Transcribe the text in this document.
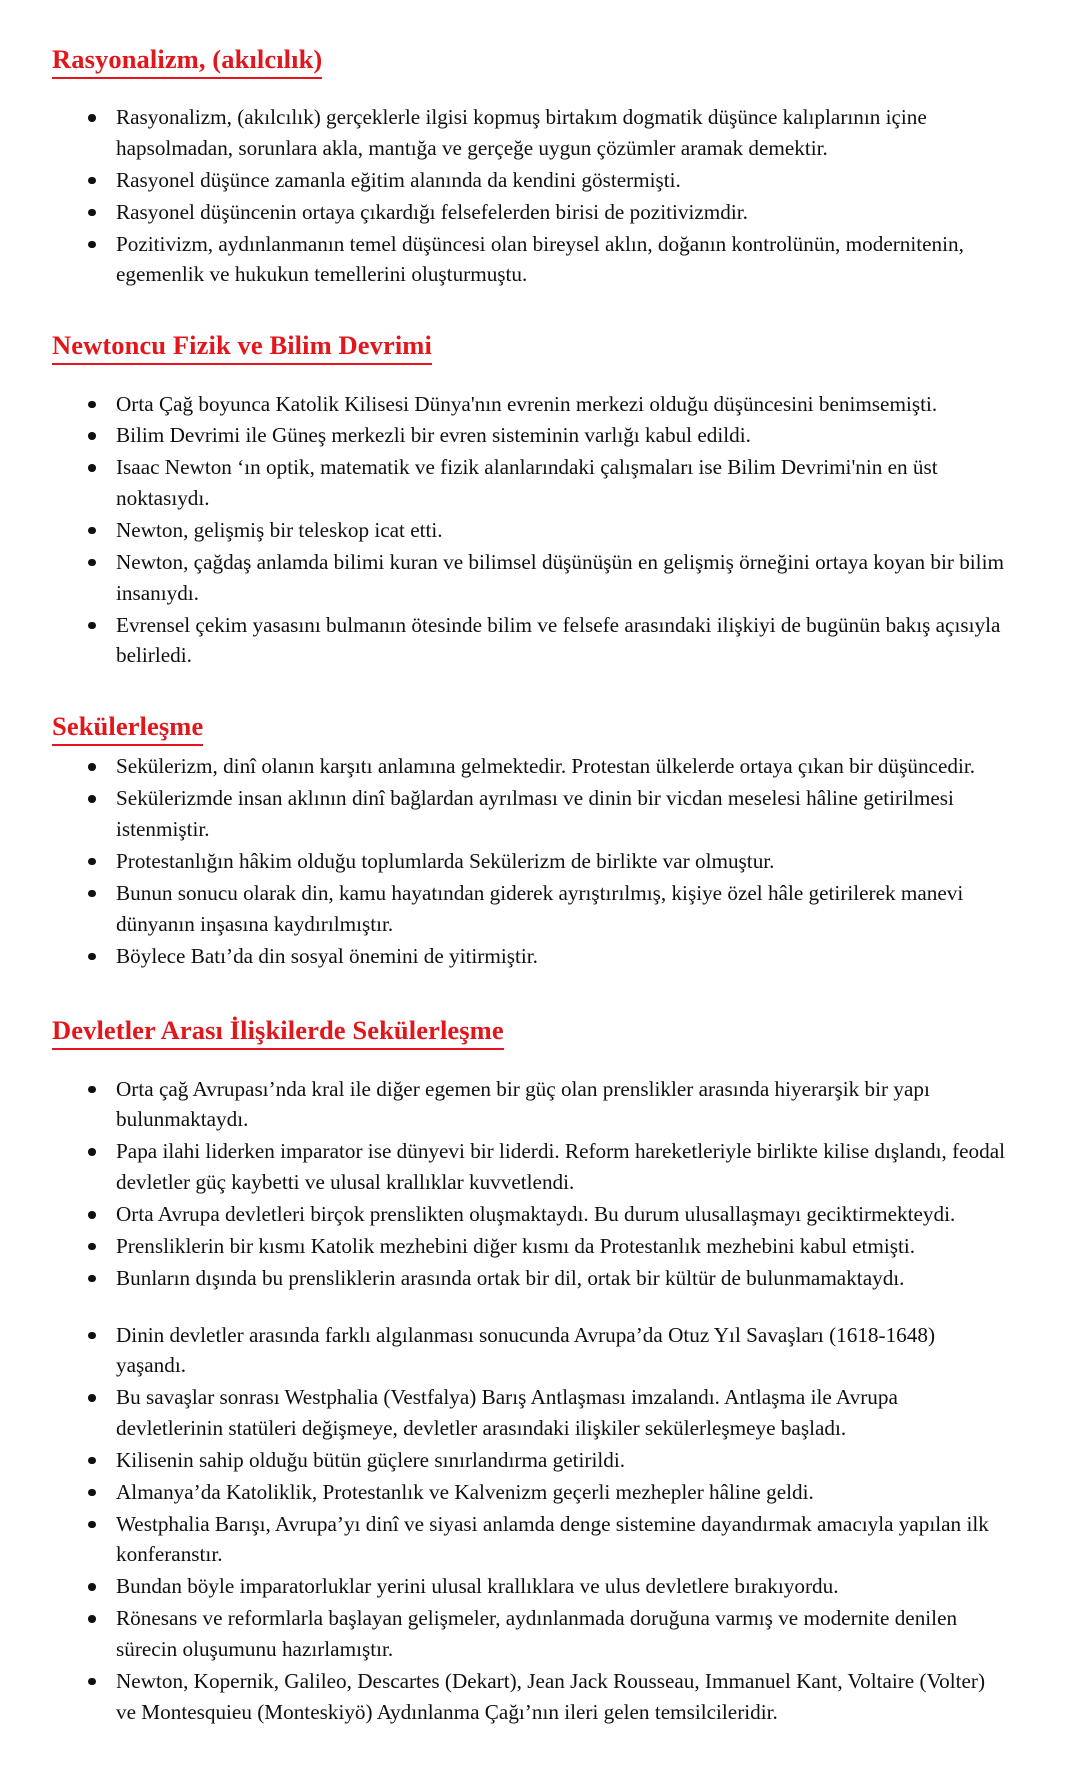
Rasyonalizm, (akılcılık)
Rasyonalizm, (akılcılık) gerçeklerle ilgisi kopmuş birtakım dogmatik düşünce kalıplarının içine hapsolmadan, sorunlara akla, mantığa ve gerçeğe uygun çözümler aramak demektir.
Rasyonel düşünce zamanla eğitim alanında da kendini göstermişti.
Rasyonel düşüncenin ortaya çıkardığı felsefelerden birisi de pozitivizmdir.
Pozitivizm, aydınlanmanın temel düşüncesi olan bireysel aklın, doğanın kontrolünün, modernitenin, egemenlik ve hukukun temellerini oluşturmuştu.
Newtoncu Fizik ve Bilim Devrimi
Orta Çağ boyunca Katolik Kilisesi Dünya'nın evrenin merkezi olduğu düşüncesini benimsemişti.
Bilim Devrimi ile Güneş merkezli bir evren sisteminin varlığı kabul edildi.
Isaac Newton ‘ın optik, matematik ve fizik alanlarındaki çalışmaları ise Bilim Devrimi'nin en üst noktasıydı.
Newton, gelişmiş bir teleskop icat etti.
Newton, çağdaş anlamda bilimi kuran ve bilimsel düşünüşün en gelişmiş örneğini ortaya koyan bir bilim insanıydı.
Evrensel çekim yasasını bulmanın ötesinde bilim ve felsefe arasındaki ilişkiyi de bugünün bakış açısıyla belirledi.
Sekülerleşme
Sekülerizm, dinî olanın karşıtı anlamına gelmektedir. Protestan ülkelerde ortaya çıkan bir düşüncedir.
Sekülerizmde insan aklının dinî bağlardan ayrılması ve dinin bir vicdan meselesi hâline getirilmesi istenmiştir.
Protestanlığın hâkim olduğu toplumlarda Sekülerizm de birlikte var olmuştur.
Bunun sonucu olarak din, kamu hayatından giderek ayrıştırılmış, kişiye özel hâle getirilerek manevi dünyanın inşasına kaydırılmıştır.
Böylece Batı’da din sosyal önemini de yitirmiştir.
Devletler Arası İlişkilerde Sekülerleşme
Orta çağ Avrupası’nda kral ile diğer egemen bir güç olan prenslikler arasında hiyerarşik bir yapı bulunmaktaydı.
Papa ilahi liderken imparator ise dünyevi bir liderdi. Reform hareketleriyle birlikte kilise dışlandı, feodal devletler güç kaybetti ve ulusal krallıklar kuvvetlendi.
Orta Avrupa devletleri birçok prenslikten oluşmaktaydı. Bu durum ulusallaşmayı geciktirmekteydi.
Prensliklerin bir kısmı Katolik mezhebini diğer kısmı da Protestanlık mezhebini kabul etmişti.
Bunların dışında bu prensliklerin arasında ortak bir dil, ortak bir kültür de bulunmamaktaydı.
Dinin devletler arasında farklı algılanması sonucunda Avrupa’da Otuz Yıl Savaşları (1618-1648) yaşandı.
Bu savaşlar sonrası Westphalia (Vestfalya) Barış Antlaşması imzalandı. Antlaşma ile Avrupa devletlerinin statüleri değişmeye, devletler arasındaki ilişkiler sekülerleşmeye başladı.
Kilisenin sahip olduğu bütün güçlere sınırlandırma getirildi.
Almanya’da Katoliklik, Protestanlık ve Kalvenizm geçerli mezhepler hâline geldi.
Westphalia Barışı, Avrupa’yı dinî ve siyasi anlamda denge sistemine dayandırmak amacıyla yapılan ilk konferanstır.
Bundan böyle imparatorluklar yerini ulusal krallıklara ve ulus devletlere bırakıyordu.
Rönesans ve reformlarla başlayan gelişmeler, aydınlanmada doruğuna varmış ve modernite denilen sürecin oluşumunu hazırlamıştır.
Newton, Kopernik, Galileo, Descartes (Dekart), Jean Jack Rousseau, Immanuel Kant, Voltaire (Volter) ve Montesquieu (Monteskiyö) Aydınlanma Çağı’nın ileri gelen temsilcileridir.
